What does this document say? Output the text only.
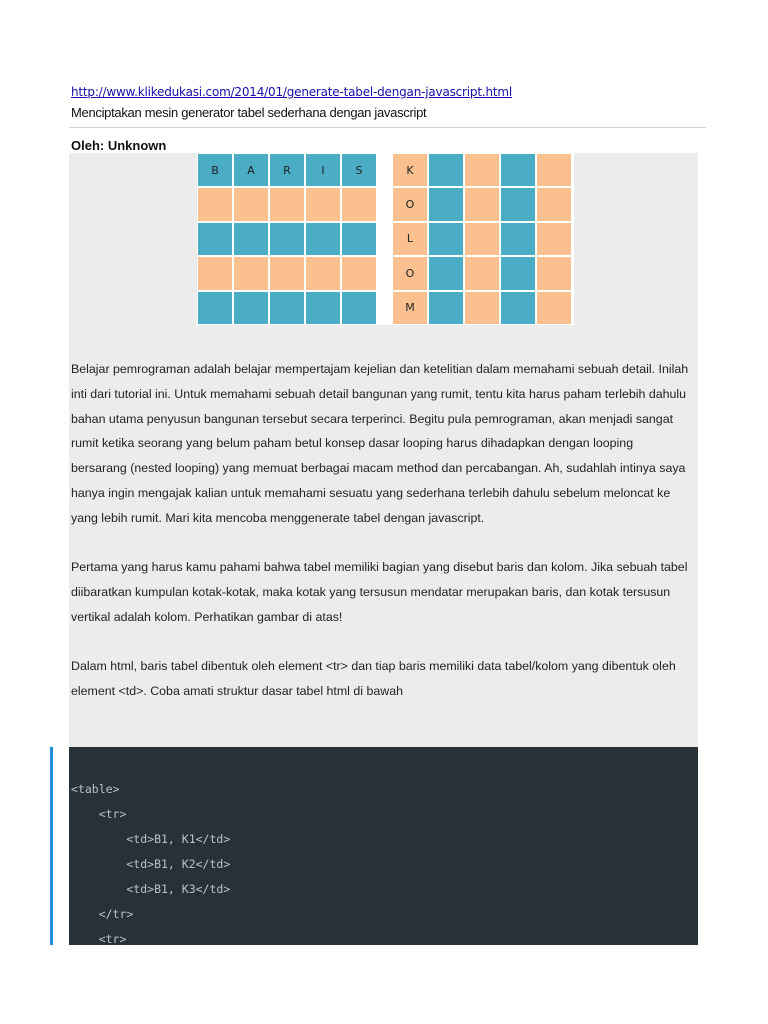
http://www.klikedukasi.com/2014/01/generate-tabel-dengan-javascript.html
Menciptakan mesin generator tabel sederhana dengan javascript
Oleh: Unknown
B	A	R	I	S	K
O
L
O
M

Belajar pemrograman adalah belajar mempertajam kejelian dan ketelitian dalam memahami sebuah detail. Inilah
inti dari tutorial ini. Untuk memahami sebuah detail bangunan yang rumit, tentu kita harus paham terlebih dahulu
bahan utama penyusun bangunan tersebut secara terperinci. Begitu pula pemrograman, akan menjadi sangat
rumit ketika seorang yang belum paham betul konsep dasar looping harus dihadapkan dengan looping
bersarang (nested looping) yang memuat berbagai macam method dan percabangan. Ah, sudahlah intinya saya
hanya ingin mengajak kalian untuk memahami sesuatu yang sederhana terlebih dahulu sebelum meloncat ke
yang lebih rumit. Mari kita mencoba menggenerate tabel dengan javascript.

Pertama yang harus kamu pahami bahwa tabel memiliki bagian yang disebut baris dan kolom. Jika sebuah tabel
diibaratkan kumpulan kotak-kotak, maka kotak yang tersusun mendatar merupakan baris, dan kotak tersusun
vertikal adalah kolom. Perhatikan gambar di atas!

Dalam html, baris tabel dibentuk oleh element <tr> dan tiap baris memiliki data tabel/kolom yang dibentuk oleh
element <td>. Coba amati struktur dasar tabel html di bawah

<table>
<tr>
<td>B1, K1</td>
<td>B1, K2</td>
<td>B1, K3</td>
</tr>
<tr>
